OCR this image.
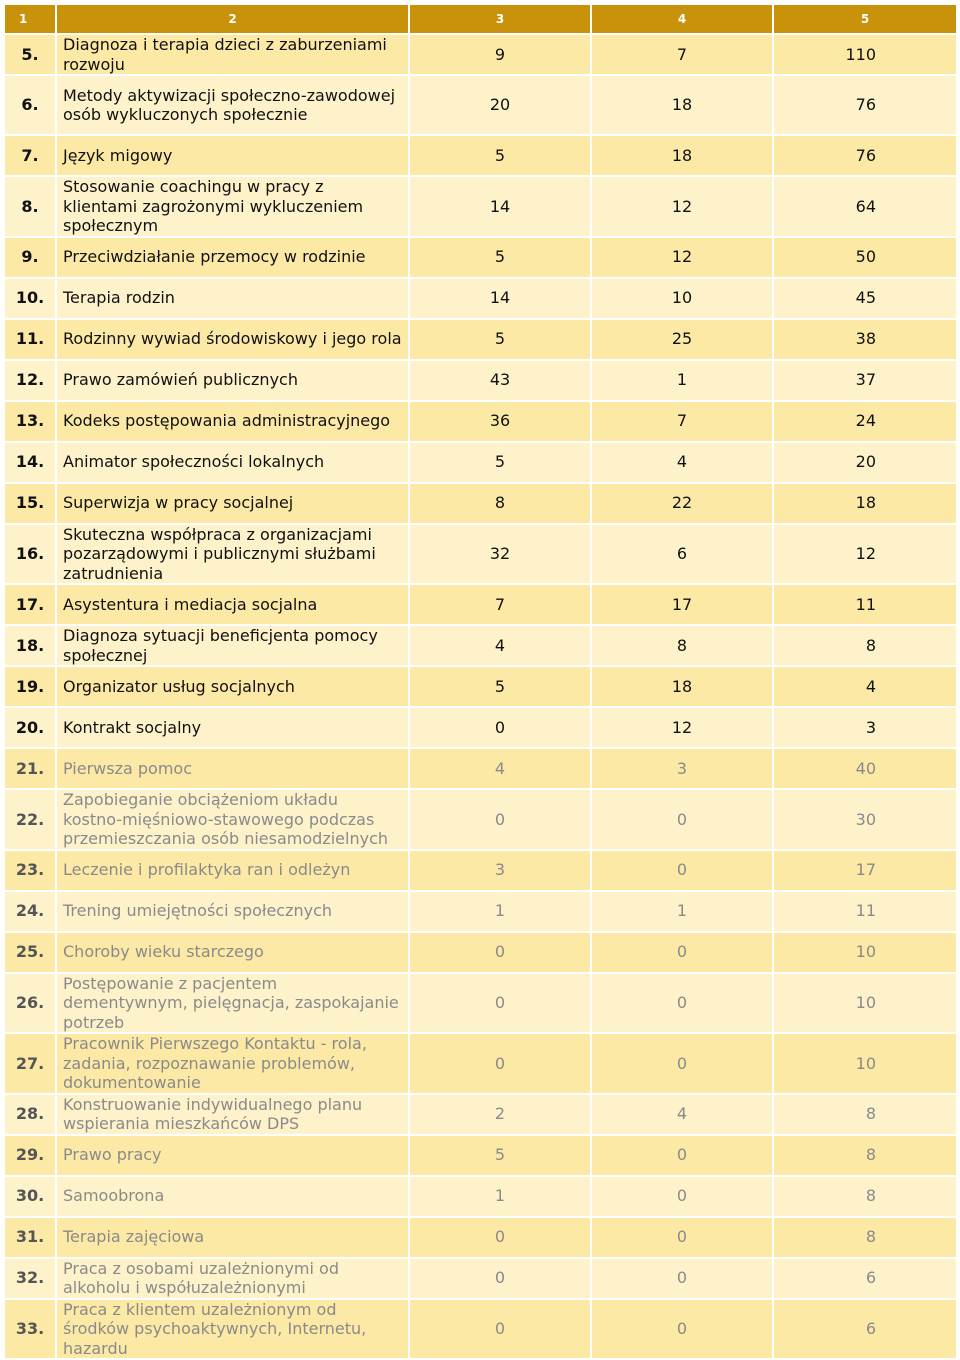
1	2	3	4	5
5.	Diagnoza i terapia dzieci z zaburzeniami rozwoju	9	7	110
6.	Metody aktywizacji społeczno-zawodowej osób wykluczonych społecznie	20	18	76
7.	Język migowy	5	18	76
8.	Stosowanie coachingu w pracy z klientami zagrożonymi wykluczeniem społecznym	14	12	64
9.	Przeciwdziałanie przemocy w rodzinie	5	12	50
10.	Terapia rodzin	14	10	45
11.	Rodzinny wywiad środowiskowy i jego rola	5	25	38
12.	Prawo zamówień publicznych	43	1	37
13.	Kodeks postępowania administracyjnego	36	7	24
14.	Animator społeczności lokalnych	5	4	20
15.	Superwizja w pracy socjalnej	8	22	18
16.	Skuteczna współpraca z organizacjami pozarządowymi i publicznymi służbami zatrudnienia	32	6	12
17.	Asystentura i mediacja socjalna	7	17	11
18.	Diagnoza sytuacji beneficjenta pomocy społecznej	4	8	8
19.	Organizator usług socjalnych	5	18	4
20.	Kontrakt socjalny	0	12	3
21.	Pierwsza pomoc	4	3	40
22.	Zapobieganie obciążeniom układu kostno-mięśniowo-stawowego podczas przemieszczania osób niesamodzielnych	0	0	30
23.	Leczenie i profilaktyka ran i odleżyn	3	0	17
24.	Trening umiejętności społecznych	1	1	11
25.	Choroby wieku starczego	0	0	10
26.	Postępowanie z pacjentem dementywnym, pielęgnacja, zaspokajanie potrzeb	0	0	10
27.	Pracownik Pierwszego Kontaktu - rola, zadania, rozpoznawanie problemów, dokumentowanie	0	0	10
28.	Konstruowanie indywidualnego planu wspierania mieszkańców DPS	2	4	8
29.	Prawo pracy	5	0	8
30.	Samoobrona	1	0	8
31.	Terapia zajęciowa	0	0	8
32.	Praca z osobami uzależnionymi od alkoholu i współuzależnionymi	0	0	6
33.	Praca z klientem uzależnionym od środków psychoaktywnych, Internetu, hazardu	0	0	6
